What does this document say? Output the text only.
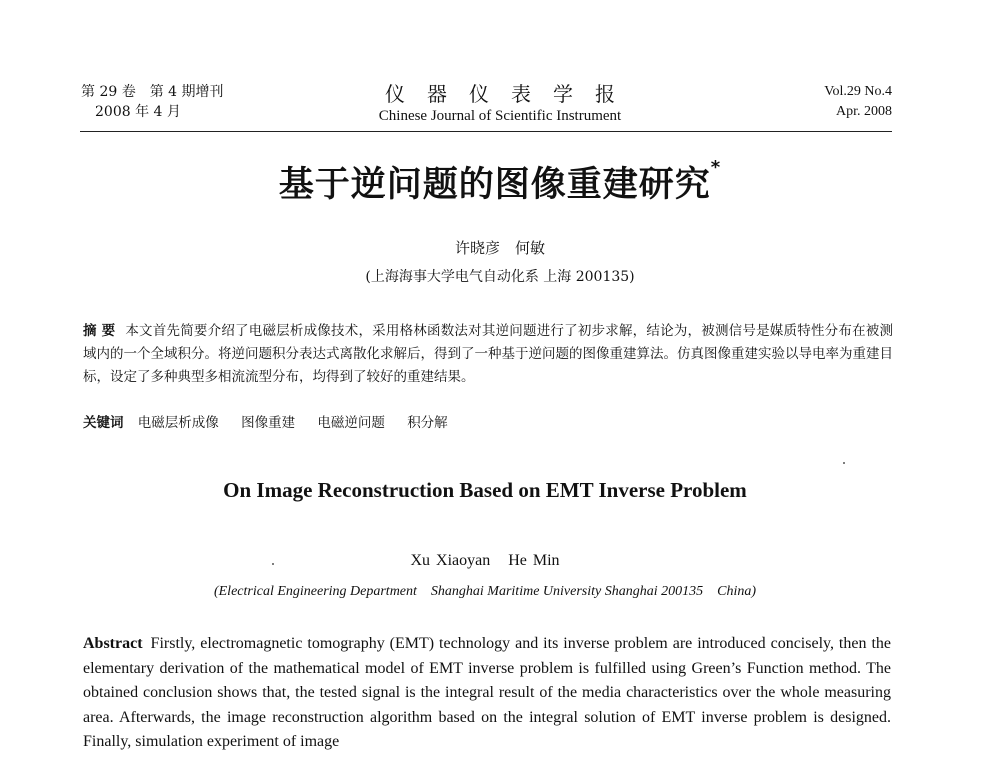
第 29 卷　第 4 期增刊
2008 年 4 月
仪器仪表学报
Chinese Journal of Scientific Instrument
Vol.29 No.4
Apr. 2008
基于逆问题的图像重建研究*
许晓彦　何敏
(上海海事大学电气自动化系 上海 200135)
摘 要 本文首先简要介绍了电磁层析成像技术，采用格林函数法对其逆问题进行了初步求解，结论为，被测信号是媒质特性分布在被测域内的一个全域积分。将逆问题积分表达式离散化求解后，得到了一种基于逆问题的图像重建算法。仿真图像重建实验以导电率为重建目标，设定了多种典型多相流流型分布，均得到了较好的重建结果。
关键词 电磁层析成像 图像重建 电磁逆问题 积分解
On Image Reconstruction Based on EMT Inverse Problem
Xu Xiaoyan He Min
(Electrical Engineering Department　Shanghai Maritime University Shanghai 200135　China)
Abstract Firstly, electromagnetic tomography (EMT) technology and its inverse problem are introduced concisely, then the elementary derivation of the mathematical model of EMT inverse problem is fulfilled using Green’s Function method. The obtained conclusion shows that, the tested signal is the integral result of the media characteristics over the whole measuring area. Afterwards, the image reconstruction algorithm based on the integral solution of EMT inverse problem is designed. Finally, simulation experiment of image
